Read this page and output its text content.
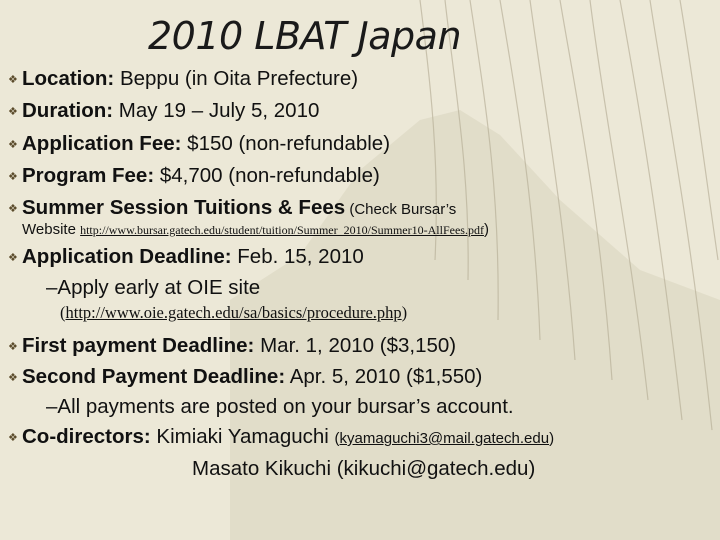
2010 LBAT Japan
❖ Location: Beppu (in Oita Prefecture)
❖ Duration: May 19 – July 5, 2010
❖ Application Fee: $150 (non-refundable)
❖ Program Fee: $4,700 (non-refundable)
❖ Summer Session Tuitions & Fees (Check Bursar’s
Website http://www.bursar.gatech.edu/student/tuition/Summer_2010/Summer10-AllFees.pdf)
❖ Application Deadline: Feb. 15, 2010
–Apply early at OIE site
(http://www.oie.gatech.edu/sa/basics/procedure.php)
❖ First payment Deadline: Mar. 1, 2010 ($3,150)
❖ Second Payment Deadline: Apr. 5, 2010 ($1,550)
–All payments are posted on your bursar’s account.
❖ Co-directors: Kimiaki Yamaguchi (kyamaguchi3@mail.gatech.edu)
Masato Kikuchi (kikuchi@gatech.edu)
